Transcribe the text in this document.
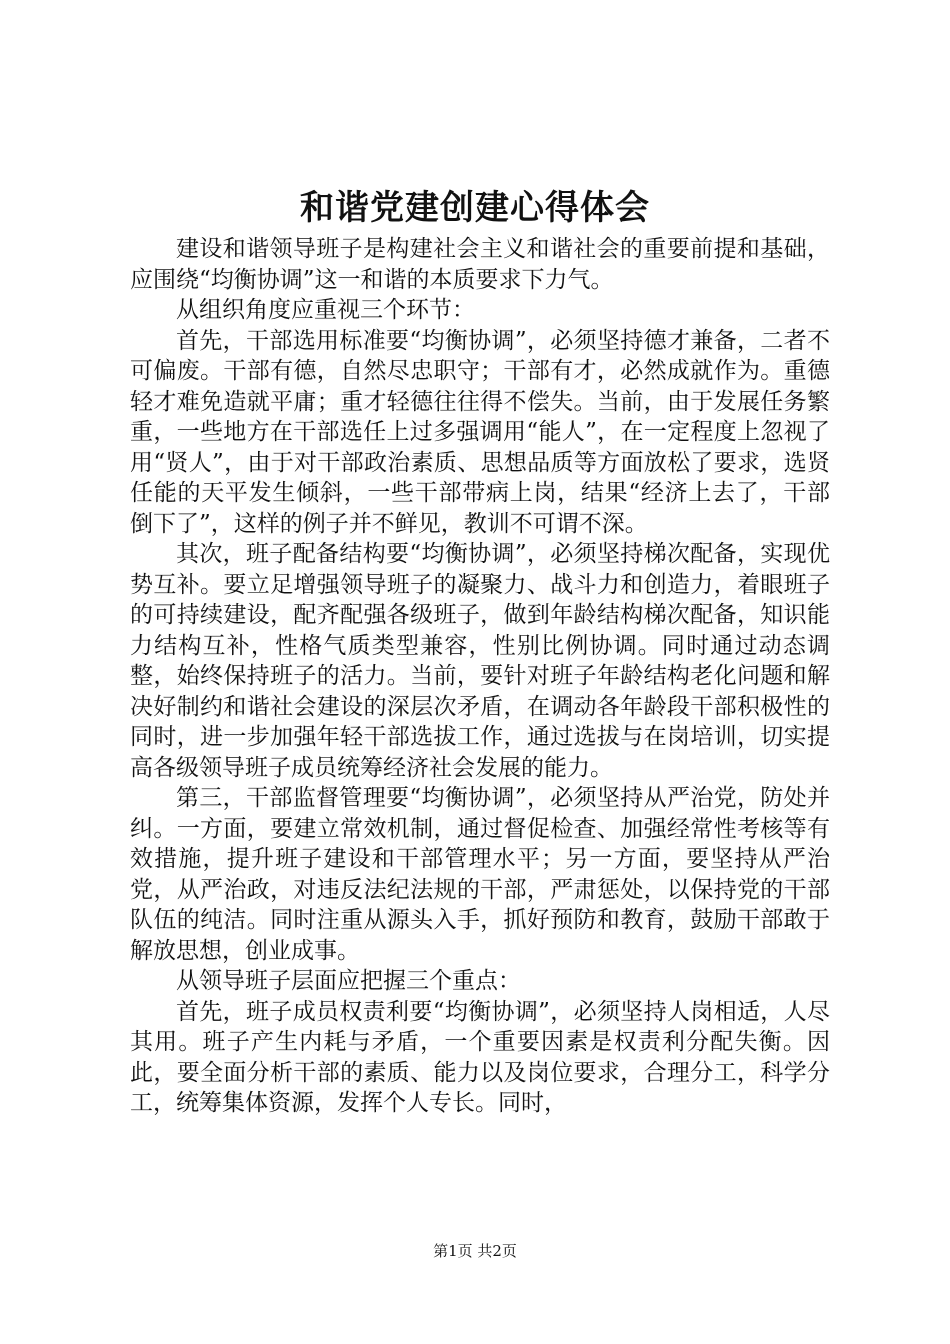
和谐党建创建心得体会

建设和谐领导班子是构建社会主义和谐社会的重要前提和基础，应围绕“均衡协调”这一和谐的本质要求下力气。

从组织角度应重视三个环节：

首先，干部选用标准要“均衡协调”，必须坚持德才兼备，二者不可偏废。干部有德，自然尽忠职守；干部有才，必然成就作为。重德轻才难免造就平庸；重才轻德往往得不偿失。当前，由于发展任务繁重，一些地方在干部选任上过多强调用“能人”，在一定程度上忽视了用“贤人”，由于对干部政治素质、思想品质等方面放松了要求，选贤任能的天平发生倾斜，一些干部带病上岗，结果“经济上去了，干部倒下了”，这样的例子并不鲜见，教训不可谓不深。

其次，班子配备结构要“均衡协调”，必须坚持梯次配备，实现优势互补。要立足增强领导班子的凝聚力、战斗力和创造力，着眼班子的可持续建设，配齐配强各级班子，做到年龄结构梯次配备，知识能力结构互补，性格气质类型兼容，性别比例协调。同时通过动态调整，始终保持班子的活力。当前，要针对班子年龄结构老化问题和解决好制约和谐社会建设的深层次矛盾，在调动各年龄段干部积极性的同时，进一步加强年轻干部选拔工作，通过选拔与在岗培训，切实提高各级领导班子成员统筹经济社会发展的能力。

第三，干部监督管理要“均衡协调”，必须坚持从严治党，防处并纠。一方面，要建立常效机制，通过督促检查、加强经常性考核等有效措施，提升班子建设和干部管理水平；另一方面，要坚持从严治党，从严治政，对违反法纪法规的干部，严肃惩处，以保持党的干部队伍的纯洁。同时注重从源头入手，抓好预防和教育，鼓励干部敢于解放思想，创业成事。

从领导班子层面应把握三个重点：

首先，班子成员权责利要“均衡协调”，必须坚持人岗相适，人尽其用。班子产生内耗与矛盾，一个重要因素是权责利分配失衡。因此，要全面分析干部的素质、能力以及岗位要求，合理分工，科学分工，统筹集体资源，发挥个人专长。同时，

第1页 共2页
